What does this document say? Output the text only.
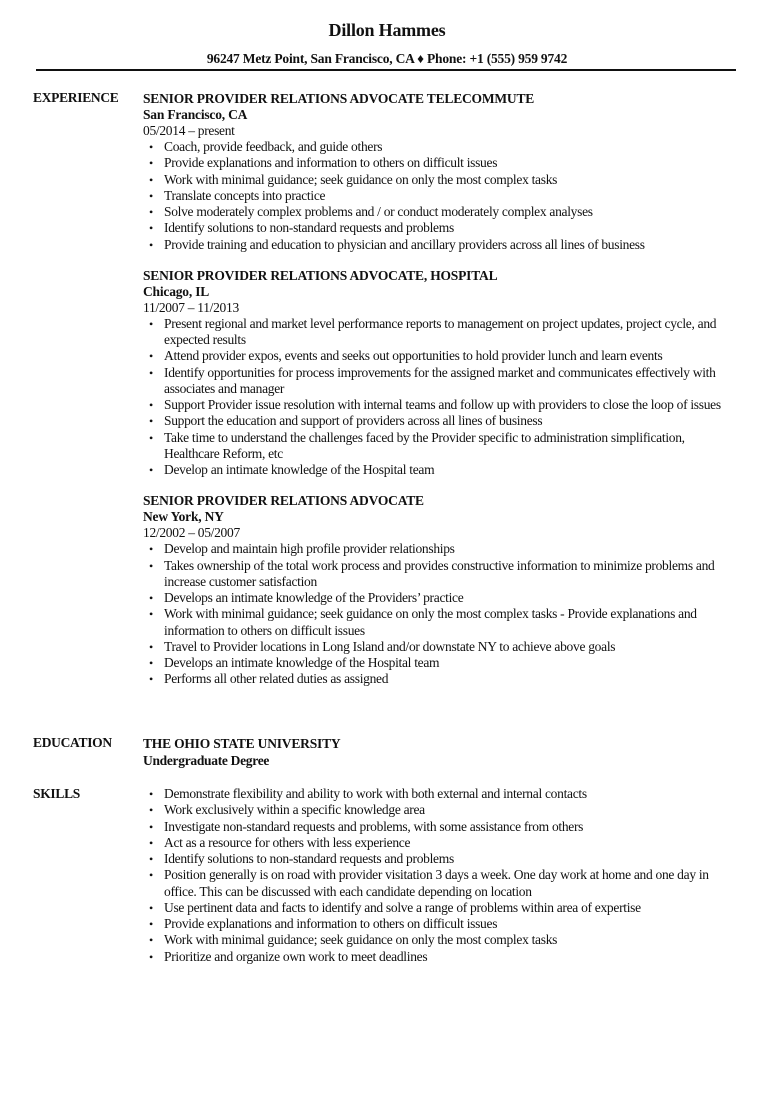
Dillon Hammes
96247 Metz Point, San Francisco, CA ♦ Phone: +1 (555) 959 9742
EXPERIENCE SENIOR PROVIDER RELATIONS ADVOCATE TELECOMMUTE
San Francisco, CA
05/2014 – present
• Coach, provide feedback, and guide others
• Provide explanations and information to others on difficult issues
• Work with minimal guidance; seek guidance on only the most complex tasks
• Translate concepts into practice
• Solve moderately complex problems and / or conduct moderately complex analyses
• Identify solutions to non-standard requests and problems
• Provide training and education to physician and ancillary providers across all lines of business
SENIOR PROVIDER RELATIONS ADVOCATE, HOSPITAL
Chicago, IL
11/2007 – 11/2013
• Present regional and market level performance reports to management on project updates, project cycle, and expected results
• Attend provider expos, events and seeks out opportunities to hold provider lunch and learn events
• Identify opportunities for process improvements for the assigned market and communicates effectively with associates and manager
• Support Provider issue resolution with internal teams and follow up with providers to close the loop of issues
• Support the education and support of providers across all lines of business
• Take time to understand the challenges faced by the Provider specific to administration simplification, Healthcare Reform, etc
• Develop an intimate knowledge of the Hospital team
SENIOR PROVIDER RELATIONS ADVOCATE
New York, NY
12/2002 – 05/2007
• Develop and maintain high profile provider relationships
• Takes ownership of the total work process and provides constructive information to minimize problems and increase customer satisfaction
• Develops an intimate knowledge of the Providers’ practice
• Work with minimal guidance; seek guidance on only the most complex tasks - Provide explanations and information to others on difficult issues
• Travel to Provider locations in Long Island and/or downstate NY to achieve above goals
• Develops an intimate knowledge of the Hospital team
• Performs all other related duties as assigned
EDUCATION THE OHIO STATE UNIVERSITY
Undergraduate Degree
SKILLS	• Demonstrate flexibility and ability to work with both external and internal contacts
• Work exclusively within a specific knowledge area
• Investigate non-standard requests and problems, with some assistance from others
• Act as a resource for others with less experience
• Identify solutions to non-standard requests and problems
• Position generally is on road with provider visitation 3 days a week. One day work at home and one day in office. This can be discussed with each candidate depending on location
• Use pertinent data and facts to identify and solve a range of problems within area of expertise
• Provide explanations and information to others on difficult issues
• Work with minimal guidance; seek guidance on only the most complex tasks
• Prioritize and organize own work to meet deadlines
